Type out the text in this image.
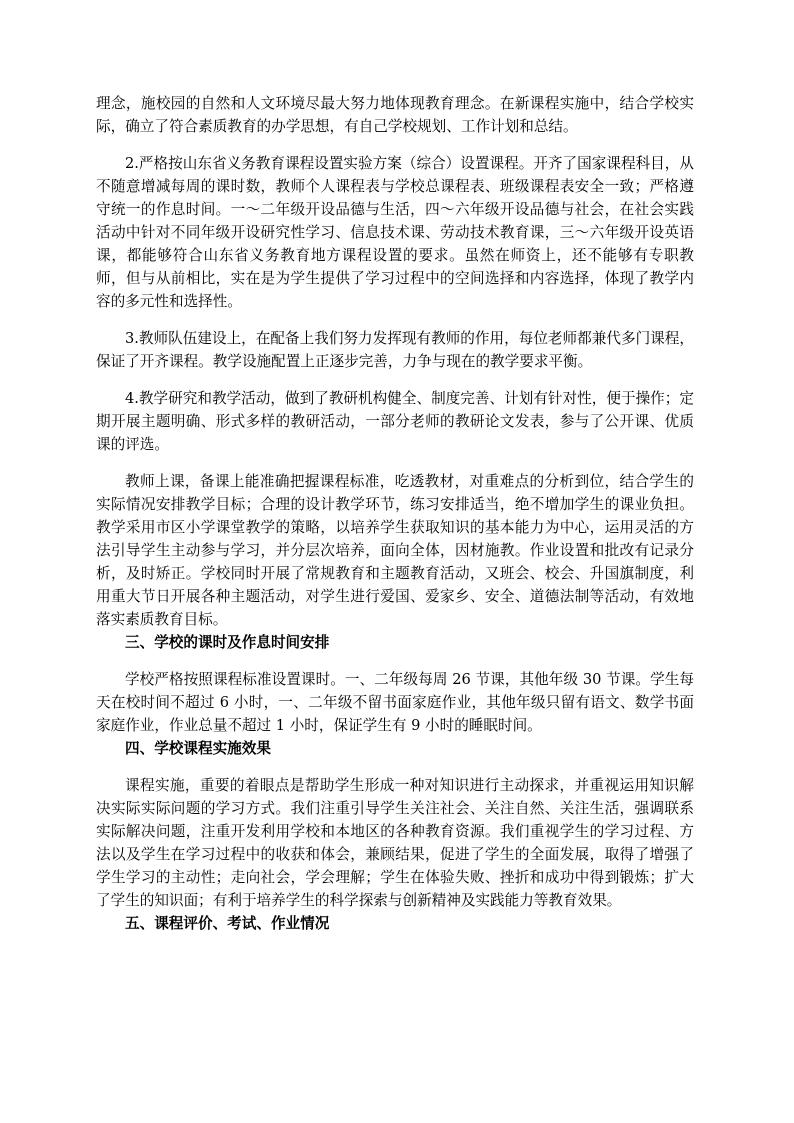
理念，施校园的自然和人文环境尽最大努力地体现教育理念。在新课程实施中，结合学校实际，确立了符合素质教育的办学思想，有自己学校规划、工作计划和总结。

2.严格按山东省义务教育课程设置实验方案（综合）设置课程。开齐了国家课程科目，从不随意增减每周的课时数，教师个人课程表与学校总课程表、班级课程表安全一致；严格遵守统一的作息时间。一～二年级开设品德与生活，四～六年级开设品德与社会，在社会实践活动中针对不同年级开设研究性学习、信息技术课、劳动技术教育课，三～六年级开设英语课，都能够符合山东省义务教育地方课程设置的要求。虽然在师资上，还不能够有专职教师，但与从前相比，实在是为学生提供了学习过程中的空间选择和内容选择，体现了教学内容的多元性和选择性。

3.教师队伍建设上，在配备上我们努力发挥现有教师的作用，每位老师都兼代多门课程，保证了开齐课程。教学设施配置上正逐步完善，力争与现在的教学要求平衡。

4.教学研究和教学活动，做到了教研机构健全、制度完善、计划有针对性，便于操作；定期开展主题明确、形式多样的教研活动，一部分老师的教研论文发表，参与了公开课、优质课的评选。

教师上课，备课上能准确把握课程标准，吃透教材，对重难点的分析到位，结合学生的实际情况安排教学目标；合理的设计教学环节，练习安排适当，绝不增加学生的课业负担。教学采用市区小学课堂教学的策略，以培养学生获取知识的基本能力为中心，运用灵活的方法引导学生主动参与学习，并分层次培养，面向全体，因材施教。作业设置和批改有记录分析，及时矫正。学校同时开展了常规教育和主题教育活动，又班会、校会、升国旗制度，利用重大节日开展各种主题活动，对学生进行爱国、爱家乡、安全、道德法制等活动，有效地落实素质教育目标。

三、学校的课时及作息时间安排

学校严格按照课程标准设置课时。一、二年级每周 26 节课，其他年级 30 节课。学生每天在校时间不超过 6 小时，一、二年级不留书面家庭作业，其他年级只留有语文、数学书面家庭作业，作业总量不超过 1 小时，保证学生有 9 小时的睡眠时间。

四、学校课程实施效果

课程实施，重要的着眼点是帮助学生形成一种对知识进行主动探求，并重视运用知识解决实际实际问题的学习方式。我们注重引导学生关注社会、关注自然、关注生活，强调联系实际解决问题，注重开发利用学校和本地区的各种教育资源。我们重视学生的学习过程、方法以及学生在学习过程中的收获和体会，兼顾结果，促进了学生的全面发展，取得了增强了学生学习的主动性；走向社会，学会理解；学生在体验失败、挫折和成功中得到锻炼；扩大了学生的知识面；有利于培养学生的科学探索与创新精神及实践能力等教育效果。

五、课程评价、考试、作业情况
